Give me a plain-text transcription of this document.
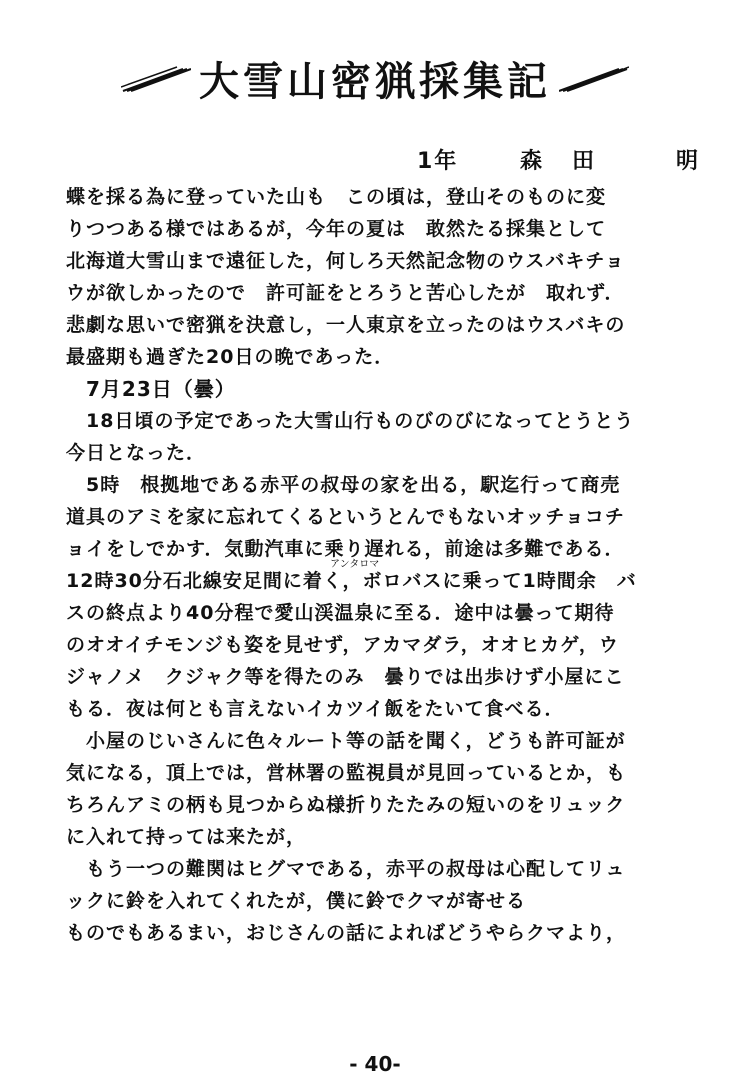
大雪山密猟採集記
1年	森田　明
蝶を採る為に登っていた山も　この頃は，登山そのものに変
りつつある様ではあるが，今年の夏は　敢然たる採集として
北海道大雪山まで遠征した，何しろ天然記念物のウスバキチョ
ウが欲しかったので　許可証をとろうと苦心したが　取れず．
悲劇な思いで密猟を決意し，一人東京を立ったのはウスバキの
最盛期も過ぎた20日の晩であった．
7月23日（曇）
18日頃の予定であった大雪山行ものびのびになってとうとう
今日となった．
5時　根拠地である赤平の叔母の家を出る，駅迄行って商売
道具のアミを家に忘れてくるというとんでもないオッチョコチ
ョイをしでかす．気動汽車に乗り遅れる，前途は多難である．
12時30分石北線安足間に着く，ボロバスに乗って1時間余　バ
スの終点より40分程で愛山渓温泉に至る．途中は曇って期待
のオオイチモンジも姿を見せず，アカマダラ，オオヒカゲ，ウ
ジャノメ　クジャク等を得たのみ　曇りでは出歩けず小屋にこ
もる．夜は何とも言えないイカツイ飯をたいて食べる．
小屋のじいさんに色々ルート等の話を聞く，どうも許可証が
気になる，頂上では，営林署の監視員が見回っているとか，も
ちろんアミの柄も見つからぬ様折りたたみの短いのをリュック
に入れて持っては来たが，
もう一つの難関はヒグマである，赤平の叔母は心配してリュ
ックに鈴を入れてくれたが，僕に鈴でクマが寄せる
ものでもあるまい，おじさんの話によればどうやらクマより，
アンタロマ
- 40-
